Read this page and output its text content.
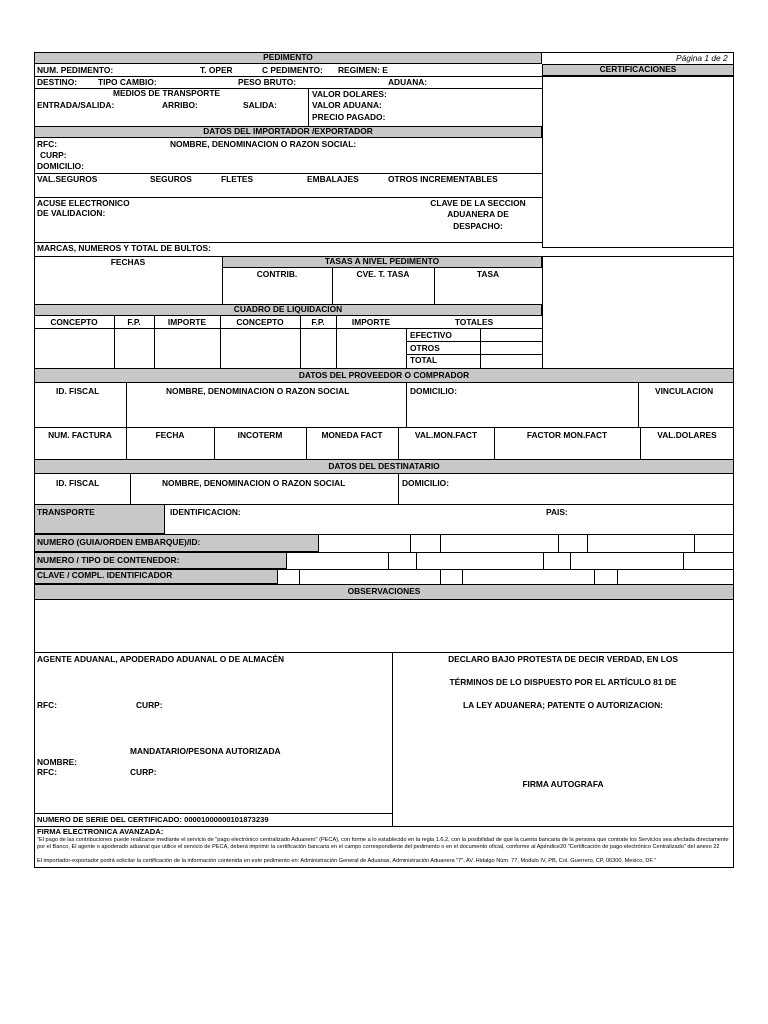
PEDIMENTO	Página 1 de 2
CERTIFICACIONES
NUM. PEDIMENTO:	T. OPER	C PEDIMENTO: REGIMEN: E
DESTINO: TIPO CAMBIO:	PESO BRUTO:	ADUANA:
MEDIOS DE TRANSPORTE	VALOR DOLARES:
ENTRADA/SALIDA:	ARRIBO:	SALIDA:	VALOR ADUANA:
PRECIO PAGADO:
DATOS DEL IMPORTADOR /EXPORTADOR
RFC:	NOMBRE, DENOMINACION O RAZON SOCIAL:
CURP:
DOMICILIO:
VAL.SEGUROS	SEGUROS	FLETES	EMBALAJES	OTROS INCREMENTABLES
ACUSE ELECTRONICO
DE VALIDACION:
CLAVE DE LA SECCION
ADUANERA DE
DESPACHO:
MARCAS, NUMEROS Y TOTAL DE BULTOS:
FECHAS	TASAS A NIVEL PEDIMENTO
CONTRIB.	CVE. T. TASA	TASA
CUADRO DE LIQUIDACION
CONCEPTO	F.P.	IMPORTE	CONCEPTO	F.P.	IMPORTE	TOTALES
EFECTIVO
OTROS
TOTAL
DATOS DEL PROVEEDOR O COMPRADOR
ID. FISCAL	NOMBRE, DENOMINACION O RAZON SOCIAL	DOMICILIO:	VINCULACION
NUM. FACTURA	FECHA	INCOTERM	MONEDA FACT	VAL.MON.FACT	FACTOR MON.FACT	VAL.DOLARES
DATOS DEL DESTINATARIO
ID. FISCAL	NOMBRE, DENOMINACION O RAZON SOCIAL	DOMICILIO:
TRANSPORTE	IDENTIFICACION:	PAIS:
NUMERO (GUIA/ORDEN EMBARQUE)/ID:
NUMERO / TIPO DE CONTENEDOR:
CLAVE / COMPL. IDENTIFICADOR
OBSERVACIONES
AGENTE ADUANAL, APODERADO ADUANAL O DE ALMACÉN
RFC:	CURP:
MANDATARIO/PESONA AUTORIZADA
NOMBRE:
RFC:	CURP:
DECLARO BAJO PROTESTA DE DECIR VERDAD, EN LOS
TÉRMINOS DE LO DISPUESTO POR EL ARTÍCULO 81 DE
LA LEY ADUANERA; PATENTE O AUTORIZACION:
FIRMA AUTOGRAFA
NUMERO DE SERIE DEL CERTIFICADO: 00001000000101873239
FIRMA ELECTRONICA AVANZADA:
"El pago de las contribuciones puede realizarse mediante el servicio de "pago electrónico centralizado Aduanero" (PECA), con forme a lo establecido en la regla 1.6.2, con la posibilidad de que la cuenta bancaria de la persona que contrate los Servicios sea afectada directamente por el Banco, El agente o apoderado aduanal que utilice el servicio de PECA, deberá imprimir la certificación bancaria en el campo correspondiente del pedimento o en el documento oficial, conforme al Apéndice20 "Certificación de pago electrónico Centralizado" del anexo 22
El importador-exportador podrá solicitar la certificación de la información contenida en este pedimento en: Administración General de Aduanas, Administración Aduanera "7", AV. Hidalgo Núm. 77, Modulo IV, PB, Col. Guerrero, CP, 06300, Mexico, DF."
